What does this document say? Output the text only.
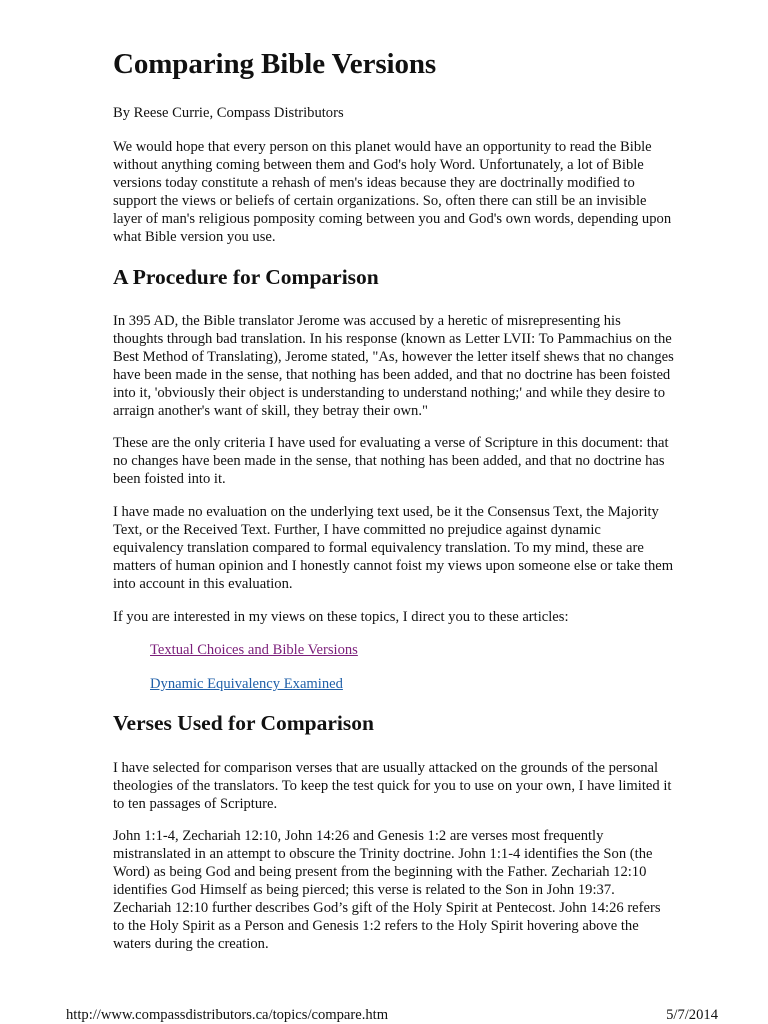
Comparing Bible Versions

By Reese Currie, Compass Distributors

We would hope that every person on this planet would have an opportunity to read the Bible
without anything coming between them and God's holy Word. Unfortunately, a lot of Bible
versions today constitute a rehash of men's ideas because they are doctrinally modified to
support the views or beliefs of certain organizations. So, often there can still be an invisible
layer of man's religious pomposity coming between you and God's own words, depending upon
what Bible version you use.

A Procedure for Comparison

In 395 AD, the Bible translator Jerome was accused by a heretic of misrepresenting his
thoughts through bad translation. In his response (known as Letter LVII: To Pammachius on the
Best Method of Translating), Jerome stated, "As, however the letter itself shews that no changes
have been made in the sense, that nothing has been added, and that no doctrine has been foisted
into it, 'obviously their object is understanding to understand nothing;' and while they desire to
arraign another's want of skill, they betray their own."

These are the only criteria I have used for evaluating a verse of Scripture in this document: that
no changes have been made in the sense, that nothing has been added, and that no doctrine has
been foisted into it.

I have made no evaluation on the underlying text used, be it the Consensus Text, the Majority
Text, or the Received Text. Further, I have committed no prejudice against dynamic
equivalency translation compared to formal equivalency translation. To my mind, these are
matters of human opinion and I honestly cannot foist my views upon someone else or take them
into account in this evaluation.

If you are interested in my views on these topics, I direct you to these articles:

Textual Choices and Bible Versions
Dynamic Equivalency Examined
Verses Used for Comparison

I have selected for comparison verses that are usually attacked on the grounds of the personal
theologies of the translators. To keep the test quick for you to use on your own, I have limited it
to ten passages of Scripture.

John 1:1-4, Zechariah 12:10, John 14:26 and Genesis 1:2 are verses most frequently
mistranslated in an attempt to obscure the Trinity doctrine. John 1:1-4 identifies the Son (the
Word) as being God and being present from the beginning with the Father. Zechariah 12:10
identifies God Himself as being pierced; this verse is related to the Son in John 19:37.
Zechariah 12:10 further describes God’s gift of the Holy Spirit at Pentecost. John 14:26 refers
to the Holy Spirit as a Person and Genesis 1:2 refers to the Holy Spirit hovering above the
waters during the creation.

http://www.compassdistributors.ca/topics/compare.htm	5/7/2014
